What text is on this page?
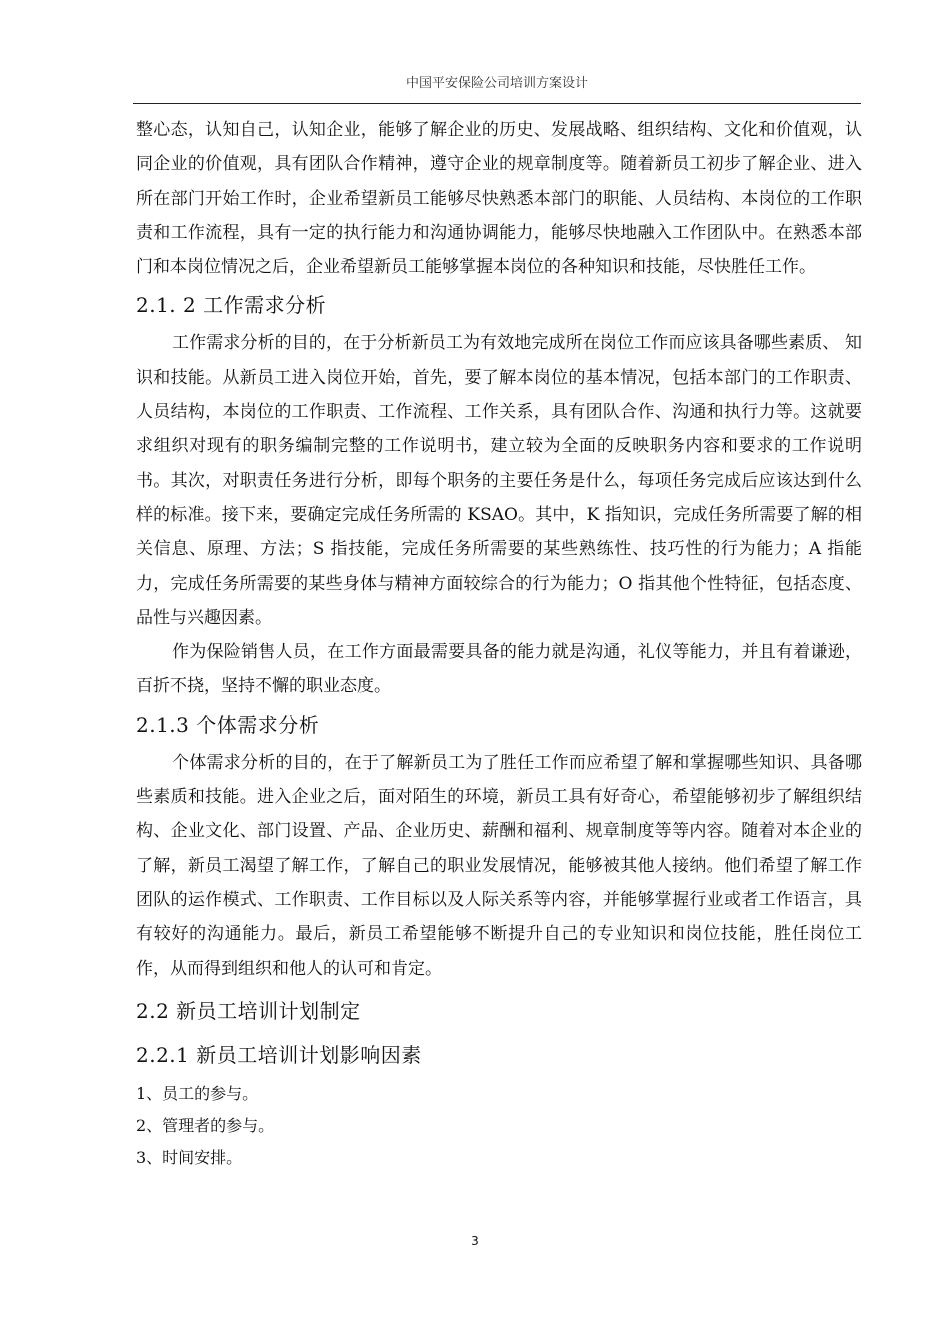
中国平安保险公司培训方案设计

整心态，认知自己，认知企业，能够了解企业的历史、发展战略、组织结构、文化和价值观，认同企业的价值观，具有团队合作精神，遵守企业的规章制度等。随着新员工初步了解企业、进入所在部门开始工作时，企业希望新员工能够尽快熟悉本部门的职能、人员结构、本岗位的工作职责和工作流程，具有一定的执行能力和沟通协调能力，能够尽快地融入工作团队中。在熟悉本部门和本岗位情况之后，企业希望新员工能够掌握本岗位的各种知识和技能，尽快胜任工作。

2.1. 2 工作需求分析

工作需求分析的目的，在于分析新员工为有效地完成所在岗位工作而应该具备哪些素质、 知识和技能。从新员工进入岗位开始，首先，要了解本岗位的基本情况，包括本部门的工作职责、人员结构，本岗位的工作职责、工作流程、工作关系，具有团队合作、沟通和执行力等。这就要求组织对现有的职务编制完整的工作说明书，建立较为全面的反映职务内容和要求的工作说明书。其次，对职责任务进行分析，即每个职务的主要任务是什么，每项任务完成后应该达到什么样的标准。接下来，要确定完成任务所需的 KSAO。其中，K 指知识，完成任务所需要了解的相关信息、原理、方法；S 指技能，完成任务所需要的某些熟练性、技巧性的行为能力；A 指能力，完成任务所需要的某些身体与精神方面较综合的行为能力；O 指其他个性特征，包括态度、品性与兴趣因素。

作为保险销售人员，在工作方面最需要具备的能力就是沟通，礼仪等能力，并且有着谦逊，百折不挠，坚持不懈的职业态度。

2.1.3 个体需求分析

个体需求分析的目的，在于了解新员工为了胜任工作而应希望了解和掌握哪些知识、具备哪些素质和技能。进入企业之后，面对陌生的环境，新员工具有好奇心，希望能够初步了解组织结构、企业文化、部门设置、产品、企业历史、薪酬和福利、规章制度等等内容。随着对本企业的了解，新员工渴望了解工作，了解自己的职业发展情况，能够被其他人接纳。他们希望了解工作团队的运作模式、工作职责、工作目标以及人际关系等内容，并能够掌握行业或者工作语言，具有较好的沟通能力。最后，新员工希望能够不断提升自己的专业知识和岗位技能，胜任岗位工作，从而得到组织和他人的认可和肯定。

2.2 新员工培训计划制定
2.2.1 新员工培训计划影响因素

1、员工的参与。

2、管理者的参与。

3、时间安排。

3
